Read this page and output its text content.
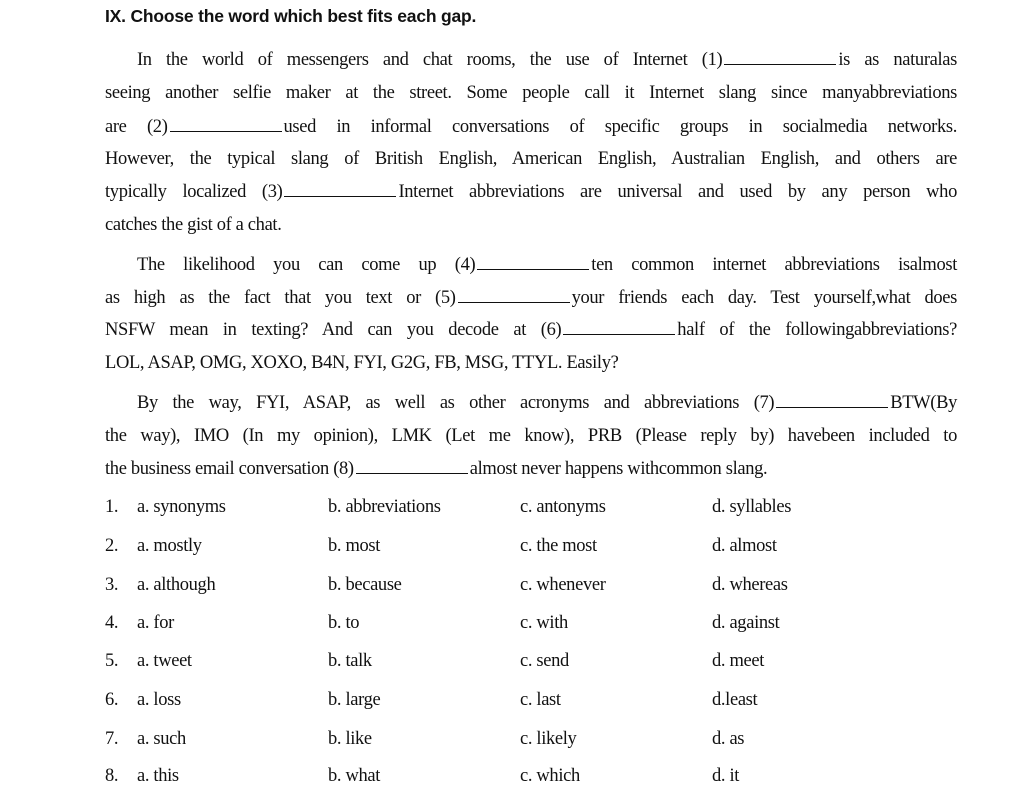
IX. Choose the word which best fits each gap.
In the world of messengers and chat rooms, the use of Internet (1)	is as naturalas
seeing another selfie maker at the street. Some people call it Internet slang since manyabbreviations
are (2)	used in informal conversations of specific groups in socialmedia networks.
However, the typical slang of British English, American English, Australian English, and others are
typically localized (3)	Internet abbreviations are universal and used by any person who
catches the gist of a chat.
The likelihood you can come up (4)	ten common internet abbreviations isalmost
as high as the fact that you text or (5)	your friends each day. Test yourself,what does
NSFW mean in texting? And can you decode at (6)	half of the followingabbreviations?
LOL, ASAP, OMG, XOXO, B4N, FYI, G2G, FB, MSG, TTYL. Easily?
By the way, FYI, ASAP, as well as other acronyms and abbreviations (7)	BTW(By
the way), IMO (In my opinion), LMK (Let me know), PRB (Please reply by) havebeen included to
the business email conversation (8)	almost never happens withcommon slang.
1. a. synonyms	b. abbreviations	c. antonyms	d. syllables
2. a. mostly	b. most	c. the most	d. almost
3. a. although	b. because	c. whenever	d. whereas
4. a. for	b. to	c. with	d. against
5. a. tweet	b. talk	c. send	d. meet
6. a. loss	b. large	c. last	d.least
7. a. such	b. like	c. likely	d. as
8. a. this	b. what	c. which	d. it
